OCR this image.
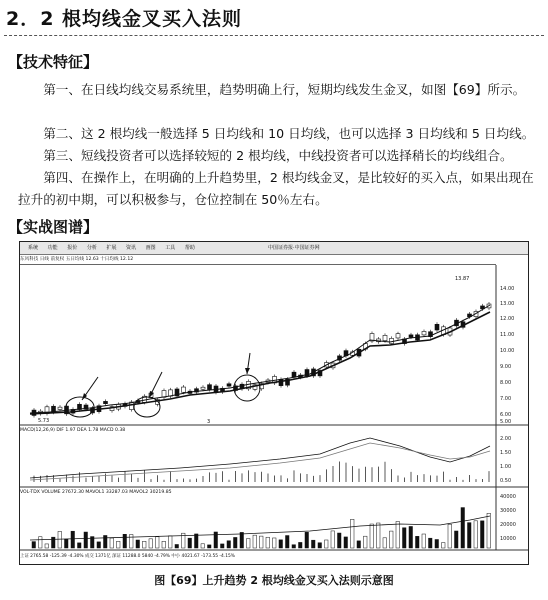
2．2 根均线金叉买入法则
【技术特征】
第一、在日线均线交易系统里，趋势明确上行，短期均线发生金叉，如图【69】所示。
第二、这 2 根均线一般选择 5 日均线和 10 日均线，也可以选择 3 日均线和 5 日均线。
第三、短线投资者可以选择较短的 2 根均线，中线投资者可以选择稍长的均线组合。
第四、在操作上，在明确的上升趋势里，2 根均线金叉，是比较好的买入点，如果出现在拉升的初中期，可以积极参与，仓位控制在 50％左右。
【实战图谱】
系统 功能 报价 分析 扩展 资讯 画图 工具 帮助	中国证券报·中国证券网
东风科技 日线 前复权 五日均线 12.63 十日均线 12.12
14.00
13.00
12.00
11.00
10.00
9.00
8.00
7.00
6.00
5.00
13.87
5.73	3
2.00
1.50
1.00
0.50
40000
30000
20000
10000
MACD(12,26,9) DIF 1.97 DEA 1.78 MACD 0.38
VOL-TDX VOLUME 27672.30 MAVOL1 33287.03 MAVOL2 30219.85
上证 2765.58 -125.39 -4.30% 成交 1371亿 深证 11288.0 5840 -4.79% 中小 4021.67 -173.55 -4.15%
图【69】上升趋势 2 根均线金叉买入法则示意图
